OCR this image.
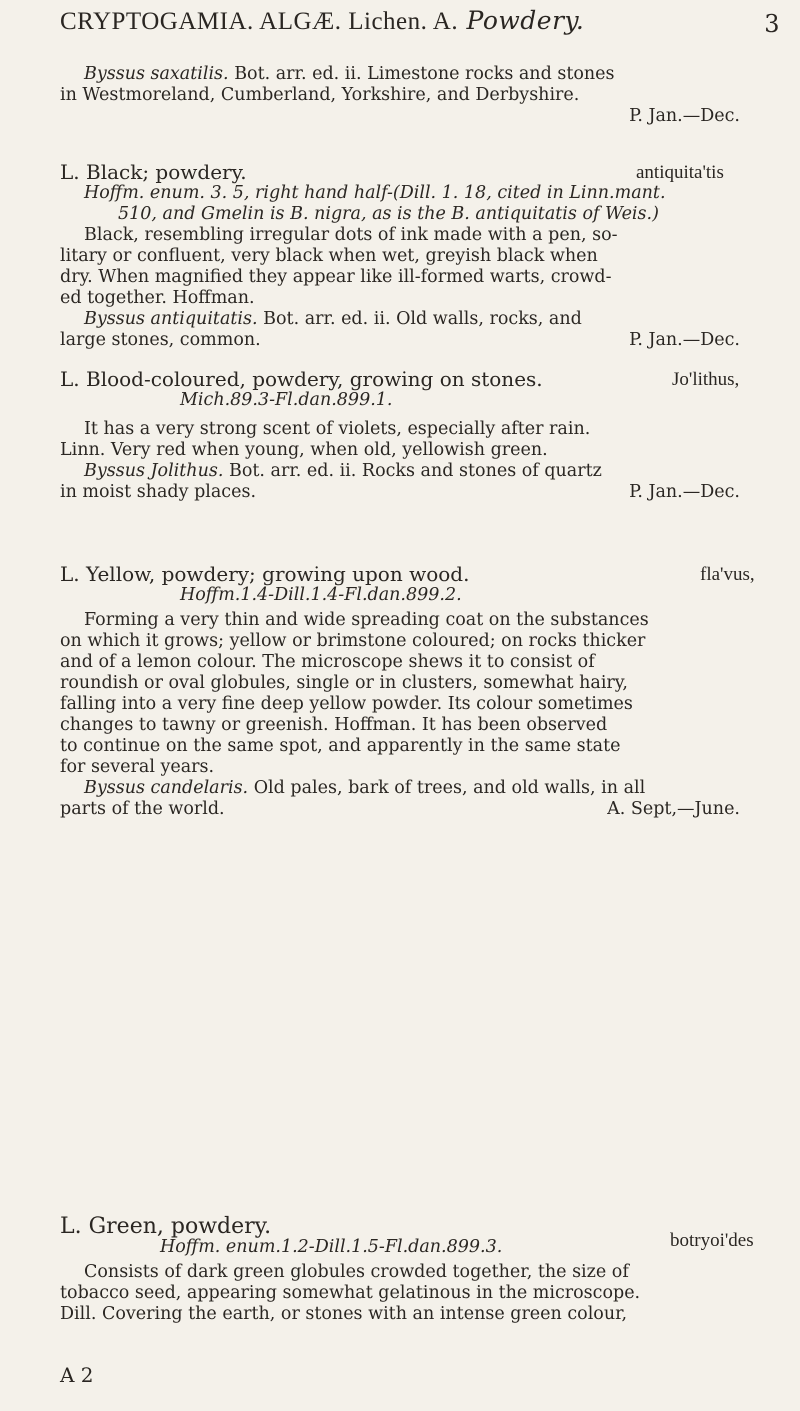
CRYPTOGAMIA. ALGÆ. Lichen. A. Powdery.	3
Byssus saxatilis. Bot. arr. ed. ii. Limestone rocks and stones
in Westmoreland, Cumberland, Yorkshire, and Derbyshire.
P. Jan.—Dec.
antiquita'tis
L. Black; powdery.
Hoffm. enum. 3. 5, right hand half-(Dill. 1. 18, cited in Linn.mant.
510, and Gmelin is B. nigra, as is the B. antiquitatis of Weis.)
Black, resembling irregular dots of ink made with a pen, so-
litary or confluent, very black when wet, greyish black when
dry. When magnified they appear like ill-formed warts, crowd-
ed together. Hoffman.
Byssus antiquitatis. Bot. arr. ed. ii. Old walls, rocks, and
large stones, common.	P. Jan.—Dec.
Jo'lithus,
L. Blood-coloured, powdery, growing on stones.
Mich.89.3-Fl.dan.899.1.
It has a very strong scent of violets, especially after rain.
Linn. Very red when young, when old, yellowish green.
Byssus Jolithus. Bot. arr. ed. ii. Rocks and stones of quartz
in moist shady places.	P. Jan.—Dec.
fla'vus,
L. Yellow, powdery; growing upon wood.
Hoffm.1.4-Dill.1.4-Fl.dan.899.2.
Forming a very thin and wide spreading coat on the substances
on which it grows; yellow or brimstone coloured; on rocks thicker
and of a lemon colour. The microscope shews it to consist of
roundish or oval globules, single or in clusters, somewhat hairy,
falling into a very fine deep yellow powder. Its colour sometimes
changes to tawny or greenish. Hoffman. It has been observed
to continue on the same spot, and apparently in the same state
for several years.
Byssus candelaris. Old pales, bark of trees, and old walls, in all
parts of the world.	A. Sept,—June.
botryoi'des
L. Green, powdery.
Hoffm. enum.1.2-Dill.1.5-Fl.dan.899.3.
Consists of dark green globules crowded together, the size of
tobacco seed, appearing somewhat gelatinous in the microscope.
Dill. Covering the earth, or stones with an intense green colour,
A 2
